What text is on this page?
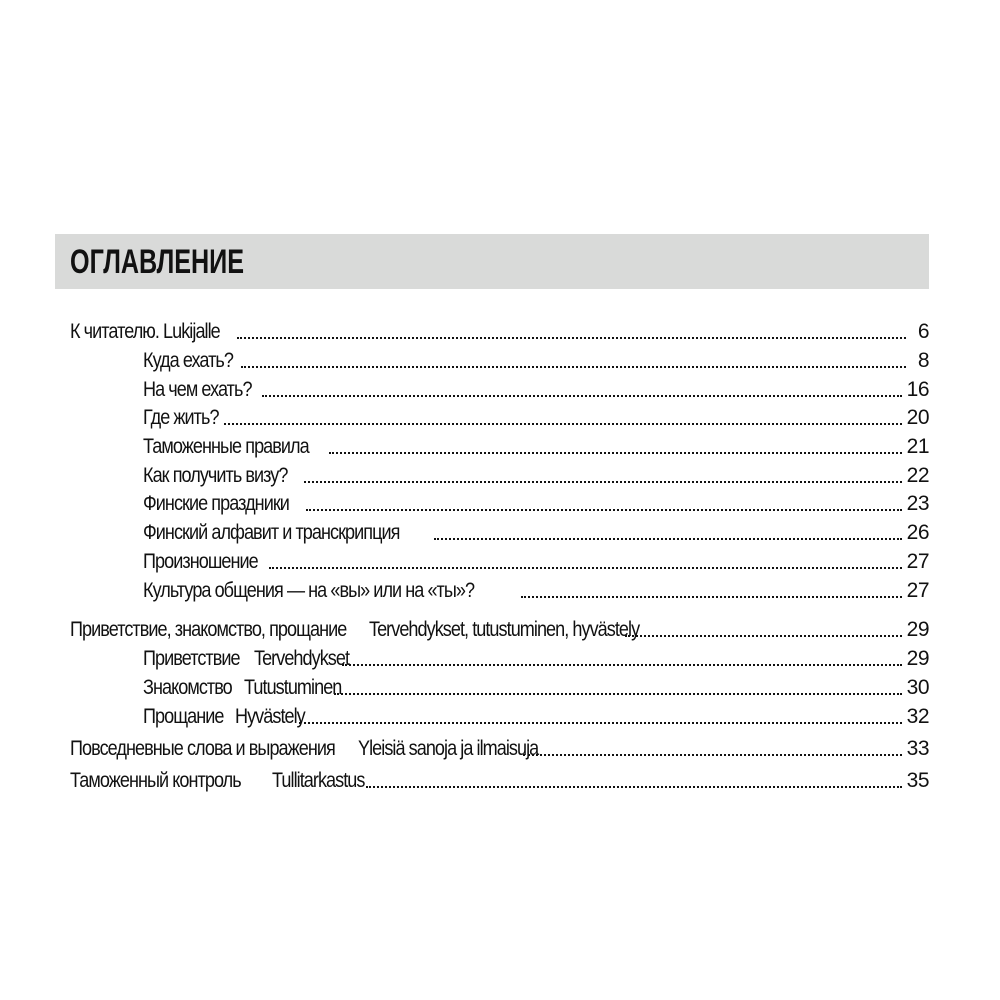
ОГЛАВЛЕНИЕ
К читателю. Lukijalle	6
Куда ехать?	8
На чем ехать?	16
Где жить?	20
Таможенные правила	21
Как получить визу?	22
Финские праздники	23
Финский алфавит и транскрипция	26
Произношение	27
Культура общения — на «вы» или на «ты»?	27
Приветствие, знакомство, прощание Tervehdykset, tutustuminen, hyvästely	29
Приветствие Tervehdykset	29
Знакомство Tutustuminen	30
Прощание Hyvästely	32
Повседневные слова и выражения Yleisiä sanoja ja ilmaisuja	33
Таможенный контроль Tullitarkastus	35
